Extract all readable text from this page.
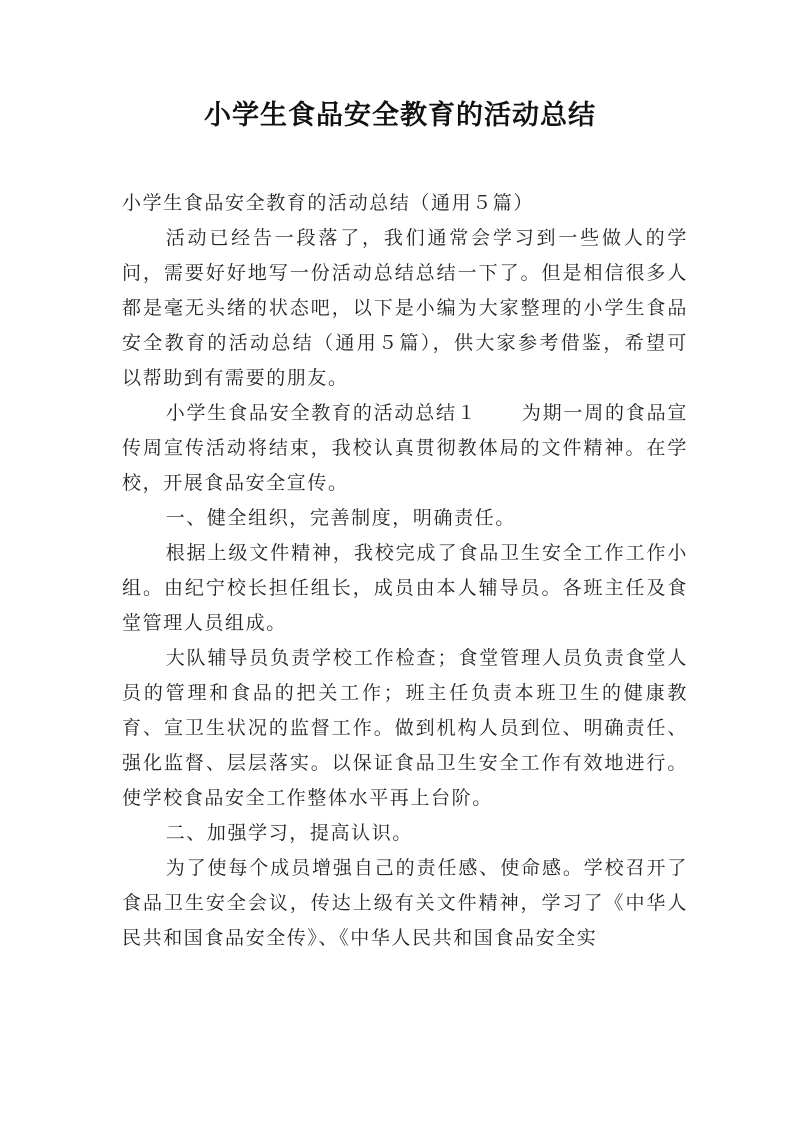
小学生食品安全教育的活动总结

小学生食品安全教育的活动总结（通用５篇）

活动已经告一段落了，我们通常会学习到一些做人的学问，需要好好地写一份活动总结总结一下了。但是相信很多人都是毫无头绪的状态吧，以下是小编为大家整理的小学生食品安全教育的活动总结（通用５篇），供大家参考借鉴，希望可以帮助到有需要的朋友。

小学生食品安全教育的活动总结１ 为期一周的食品宣传周宣传活动将结束，我校认真贯彻教体局的文件精神。在学校，开展食品安全宣传。

一、健全组织，完善制度，明确责任。

根据上级文件精神，我校完成了食品卫生安全工作工作小组。由纪宁校长担任组长，成员由本人辅导员。各班主任及食堂管理人员组成。

大队辅导员负责学校工作检查；食堂管理人员负责食堂人员的管理和食品的把关工作；班主任负责本班卫生的健康教育、宣卫生状况的监督工作。做到机构人员到位、明确责任、强化监督、层层落实。以保证食品卫生安全工作有效地进行。使学校食品安全工作整体水平再上台阶。

二、加强学习，提高认识。

为了使每个成员增强自己的责任感、使命感。学校召开了食品卫生安全会议，传达上级有关文件精神，学习了《中华人民共和国食品安全传》、《中华人民共和国食品安全实
